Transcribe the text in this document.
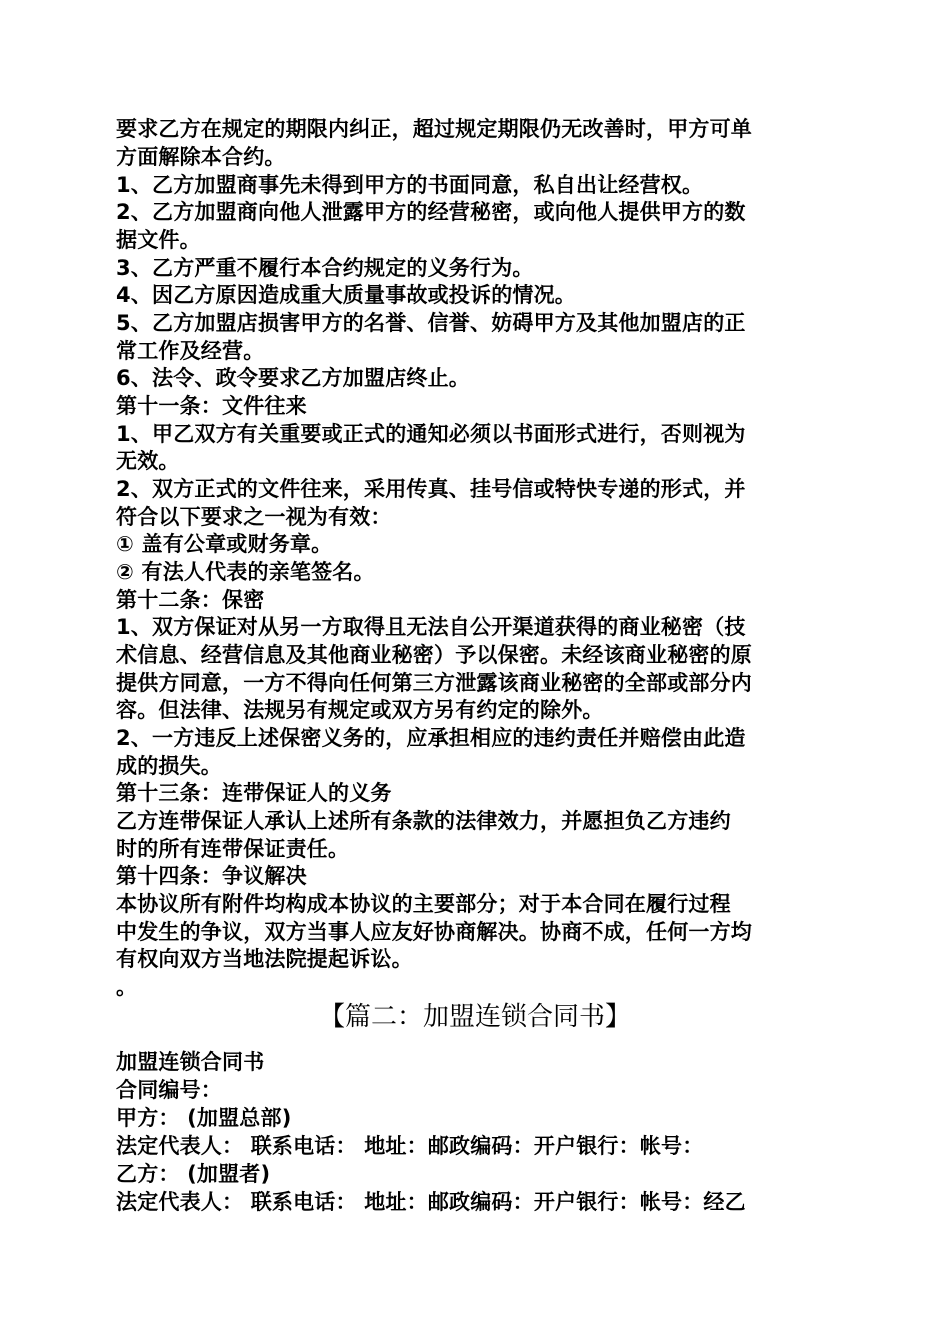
要求乙方在规定的期限内纠正，超过规定期限仍无改善时，甲方可单
方面解除本合约。
1、乙方加盟商事先未得到甲方的书面同意，私自出让经营权。
2、乙方加盟商向他人泄露甲方的经营秘密，或向他人提供甲方的数
据文件。
3、乙方严重不履行本合约规定的义务行为。
4、因乙方原因造成重大质量事故或投诉的情况。
5、乙方加盟店损害甲方的名誉、信誉、妨碍甲方及其他加盟店的正
常工作及经营。
6、法令、政令要求乙方加盟店终止。
第十一条：文件往来
1、甲乙双方有关重要或正式的通知必须以书面形式进行，否则视为
无效。
2、双方正式的文件往来，采用传真、挂号信或特快专递的形式，并
符合以下要求之一视为有效：
① 盖有公章或财务章。
② 有法人代表的亲笔签名。
第十二条：保密
1、双方保证对从另一方取得且无法自公开渠道获得的商业秘密（技
术信息、经营信息及其他商业秘密）予以保密。未经该商业秘密的原
提供方同意，一方不得向任何第三方泄露该商业秘密的全部或部分内
容。但法律、法规另有规定或双方另有约定的除外。
2、一方违反上述保密义务的，应承担相应的违约责任并赔偿由此造
成的损失。
第十三条：连带保证人的义务
乙方连带保证人承认上述所有条款的法律效力，并愿担负乙方违约
时的所有连带保证责任。
第十四条：争议解决
本协议所有附件均构成本协议的主要部分；对于本合同在履行过程
中发生的争议，双方当事人应友好协商解决。协商不成，任何一方均
有权向双方当地法院提起诉讼。
。
【篇二：加盟连锁合同书】
加盟连锁合同书
合同编号：
甲方： (加盟总部)
法定代表人： 联系电话： 地址：邮政编码：开户银行：帐号：
乙方： (加盟者)
法定代表人： 联系电话： 地址：邮政编码：开户银行：帐号：经乙
